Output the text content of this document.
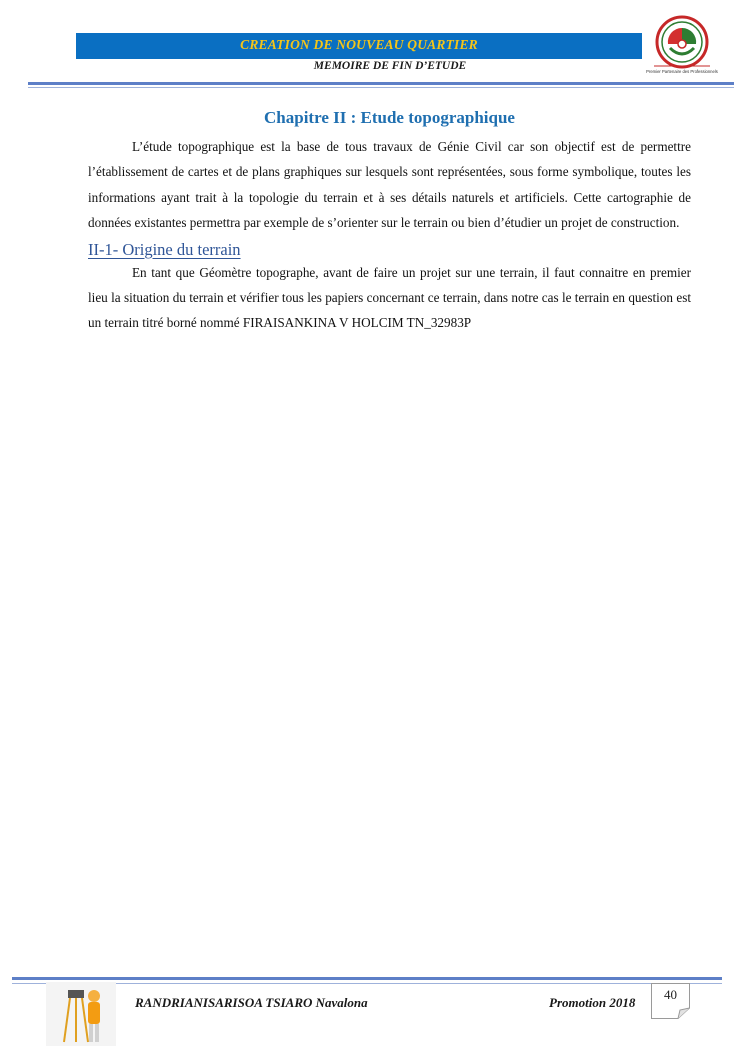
CREATION DE NOUVEAU QUARTIER
MEMOIRE DE FIN D’ETUDE	Premier Partenaire des Professionnels
Chapitre II : Etude topographique

L’étude topographique est la base de tous travaux de Génie Civil car son objectif est de permettre l’établissement de cartes et de plans graphiques sur lesquels sont représentées, sous forme symbolique, toutes les informations ayant trait à la topologie du terrain et à ses détails naturels et artificiels. Cette cartographie de données existantes permettra par exemple de s’orienter sur le terrain ou bien d’étudier un projet de construction.

II-1- Origine du terrain

En tant que Géomètre topographe, avant de faire un projet sur une terrain, il faut connaitre en premier lieu la situation du terrain et vérifier tous les papiers concernant ce terrain, dans notre cas le terrain en question est un terrain titré borné nommé FIRAISANKINA V HOLCIM TN_32983P

RANDRIANISARISOA TSIARO Navalona	Promotion 2018
40
